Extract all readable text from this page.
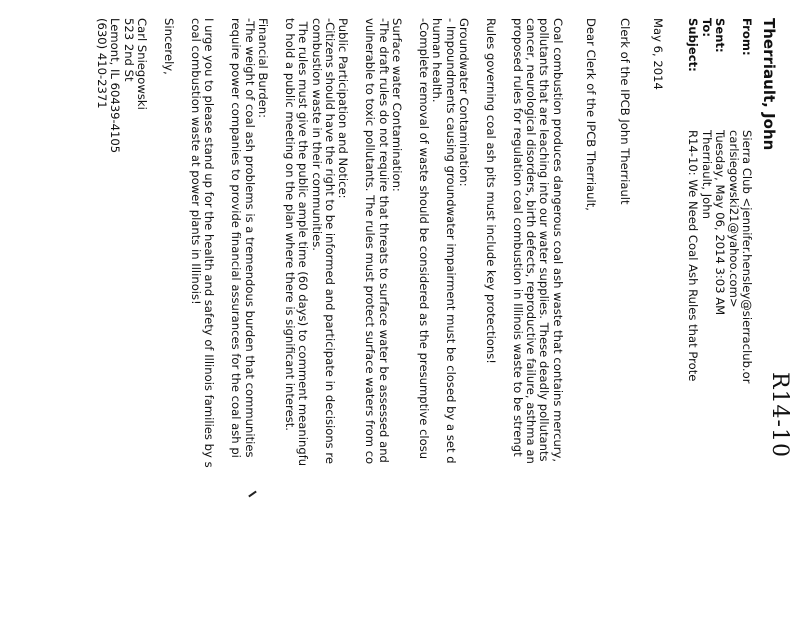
R14-10
Therriault, John
From:
Sierra Club <jennifer.hensley@sierraclub.or
carlsiegowski21@yahoo.com>
Sent:
Tuesday, May 06, 2014 3:03 AM
To:
Therriault, John
Subject:
R14-10: We Need Coal Ash Rules that Prote

May 6, 2014

Clerk of the IPCB John Therriault

Dear Clerk of the IPCB Therriault,

Coal combustion produces dangerous coal ash waste that contains mercury,

pollutants that are leaching into our water supplies. These deadly pollutants

cancer, neurological disorders, birth defects, reproductive failure, asthma an

proposed rules for regulation coal combustion in Illinois waste to be strengt

Rules governing coal ash pits must include key protections!

Groundwater Contamination:

- Impoundments causing groundwater impairment must be closed by a set d

human health.

-Complete removal of waste should be considered as the presumptive closu

Surface water Contamination:

-The draft rules do not require that threats to surface water be assessed and

vulnerable to toxic pollutants. The rules must protect surface waters from co

Public Participation and Notice:

-Citizens should have the right to be informed and participate in decisions re

combustion waste in their communities.

The rules must give the public ample time (60 days) to comment meaningfu

to hold a public meeting on the plan where there is significant interest.

Financial Burden:

-The weight of coal ash problems is a tremendous burden that communities

require power companies to provide financial assurances for the coal ash pi

I urge you to please stand up for the health and safety of Illinois families by s

coal combustion waste at power plants in Illinois!

Sincerely,

Carl Sniegowski

523 2nd St

Lemont, IL 60439-4105

(630) 410-2371
